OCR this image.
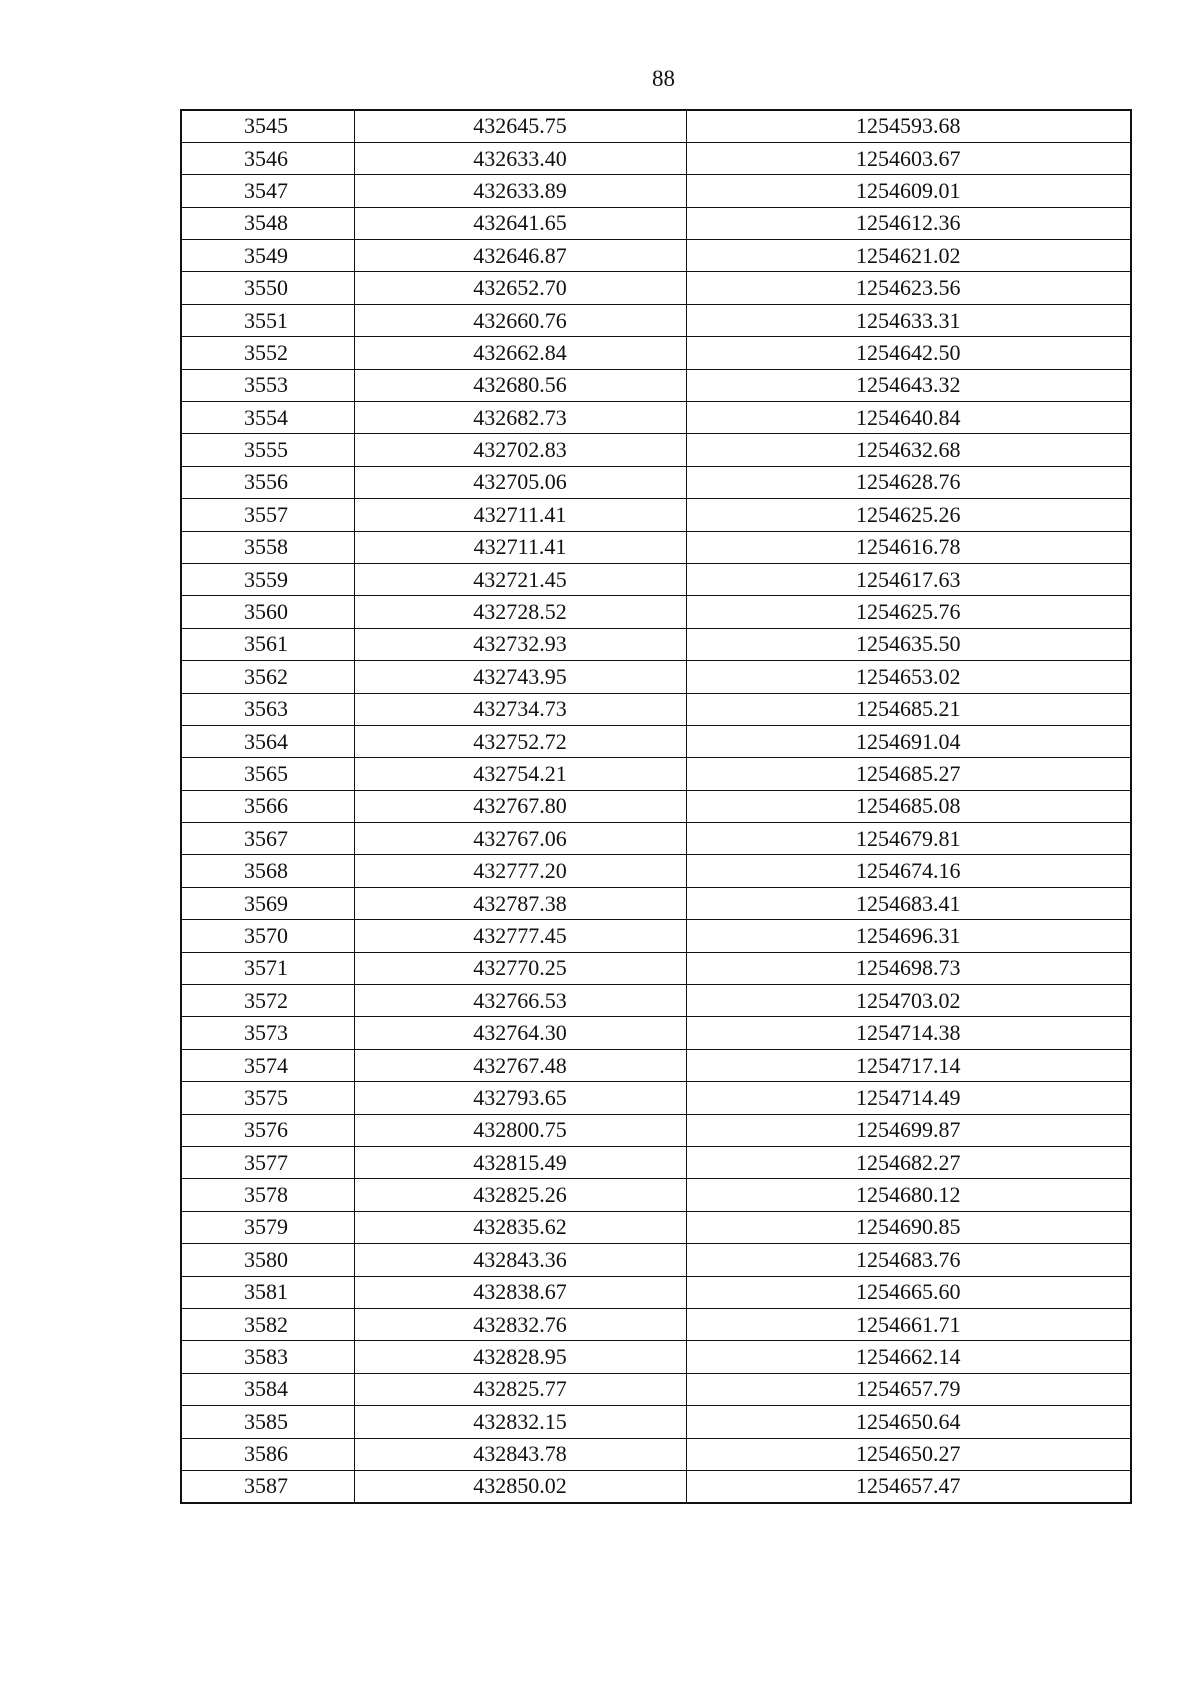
88
3545	432645.75	1254593.68
3546	432633.40	1254603.67
3547	432633.89	1254609.01
3548	432641.65	1254612.36
3549	432646.87	1254621.02
3550	432652.70	1254623.56
3551	432660.76	1254633.31
3552	432662.84	1254642.50
3553	432680.56	1254643.32
3554	432682.73	1254640.84
3555	432702.83	1254632.68
3556	432705.06	1254628.76
3557	432711.41	1254625.26
3558	432711.41	1254616.78
3559	432721.45	1254617.63
3560	432728.52	1254625.76
3561	432732.93	1254635.50
3562	432743.95	1254653.02
3563	432734.73	1254685.21
3564	432752.72	1254691.04
3565	432754.21	1254685.27
3566	432767.80	1254685.08
3567	432767.06	1254679.81
3568	432777.20	1254674.16
3569	432787.38	1254683.41
3570	432777.45	1254696.31
3571	432770.25	1254698.73
3572	432766.53	1254703.02
3573	432764.30	1254714.38
3574	432767.48	1254717.14
3575	432793.65	1254714.49
3576	432800.75	1254699.87
3577	432815.49	1254682.27
3578	432825.26	1254680.12
3579	432835.62	1254690.85
3580	432843.36	1254683.76
3581	432838.67	1254665.60
3582	432832.76	1254661.71
3583	432828.95	1254662.14
3584	432825.77	1254657.79
3585	432832.15	1254650.64
3586	432843.78	1254650.27
3587	432850.02	1254657.47
